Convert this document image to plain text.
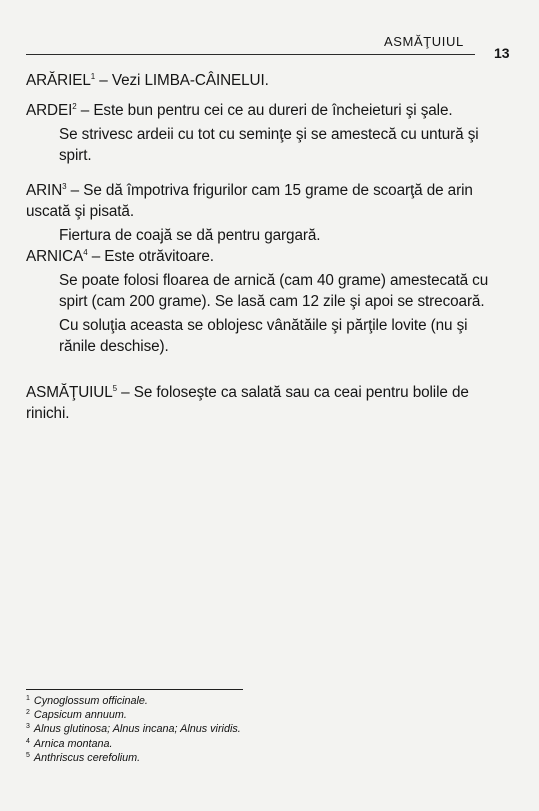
ASMĂŢUIUL
13

ARĂRIEL$^1$ – Vezi LIMBA-CÂINELUI.

ARDEI$^2$ – Este bun pentru cei ce au dureri de încheieturi şi şale.

Se strivesc ardeii cu tot cu seminţe şi se amestecă cu untură şi spirt.

ARIN$^3$ – Se dă împotriva frigurilor cam 15 grame de scoarţă de arin uscată şi pisată.

Fiertura de coajă se dă pentru gargară.

ARNICA$^4$ – Este otrăvitoare.

Se poate folosi floarea de arnică (cam 40 grame) amestecată cu spirt (cam 200 grame). Se lasă cam 12 zile şi apoi se strecoară.

Cu soluţia aceasta se oblojesc vânătăile şi părţile lovite (nu şi rănile deschise).

ASMĂŢUIUL$^5$ – Se foloseşte ca salată sau ca ceai pentru bolile de rinichi.

$^1$ Cynoglossum officinale.
$^2$ Capsicum annuum.
$^3$ Alnus glutinosa; Alnus incana; Alnus viridis.
$^4$ Arnica montana.
$^5$ Anthriscus cerefolium.
